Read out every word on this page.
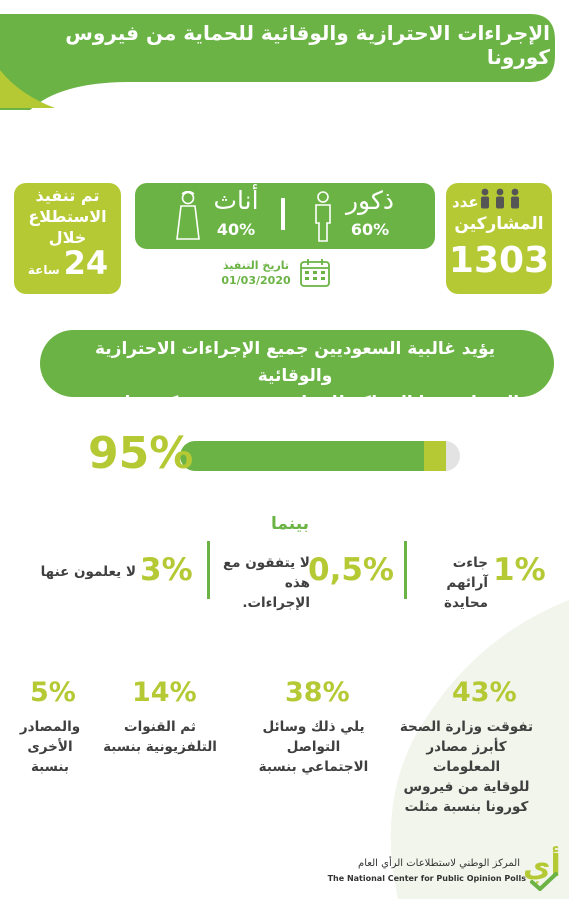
الإجراءات الاحترازية والوقائية للحماية من فيروس كورونا
عدد
المشاركين
1303
ذكور
60%
أناث
40%
تاريخ التنفيذ
01/03/2020
تم تنفيذ
الاستطلاع
خلال
ساعة 24
يؤيد غالبية السعوديين جميع الإجراءات الاحترازية والوقائية
التي اتخذتها المملكة للحماية من فيروس كورونا بنسبة
95%
بينما
1%
جاءت آرائهم
محايدة
0,5%
لا يتفقون مع
هذه الإجراءات.
3%
لا يعلمون عنها
43%
تفوقت وزارة الصحة
كأبرز مصادر المعلومات
للوقاية من فيروس
كورونا بنسبة مثلت
38%
يلي ذلك وسائل التواصل
الاجتماعي بنسبة
14%
ثم القنوات
التلفزيونية بنسبة
5%
والمصادر
الأخرى
بنسبة
أي
المركز الوطني لاستطلاعات الرأي العام
The National Center for Public Opinion Polls
